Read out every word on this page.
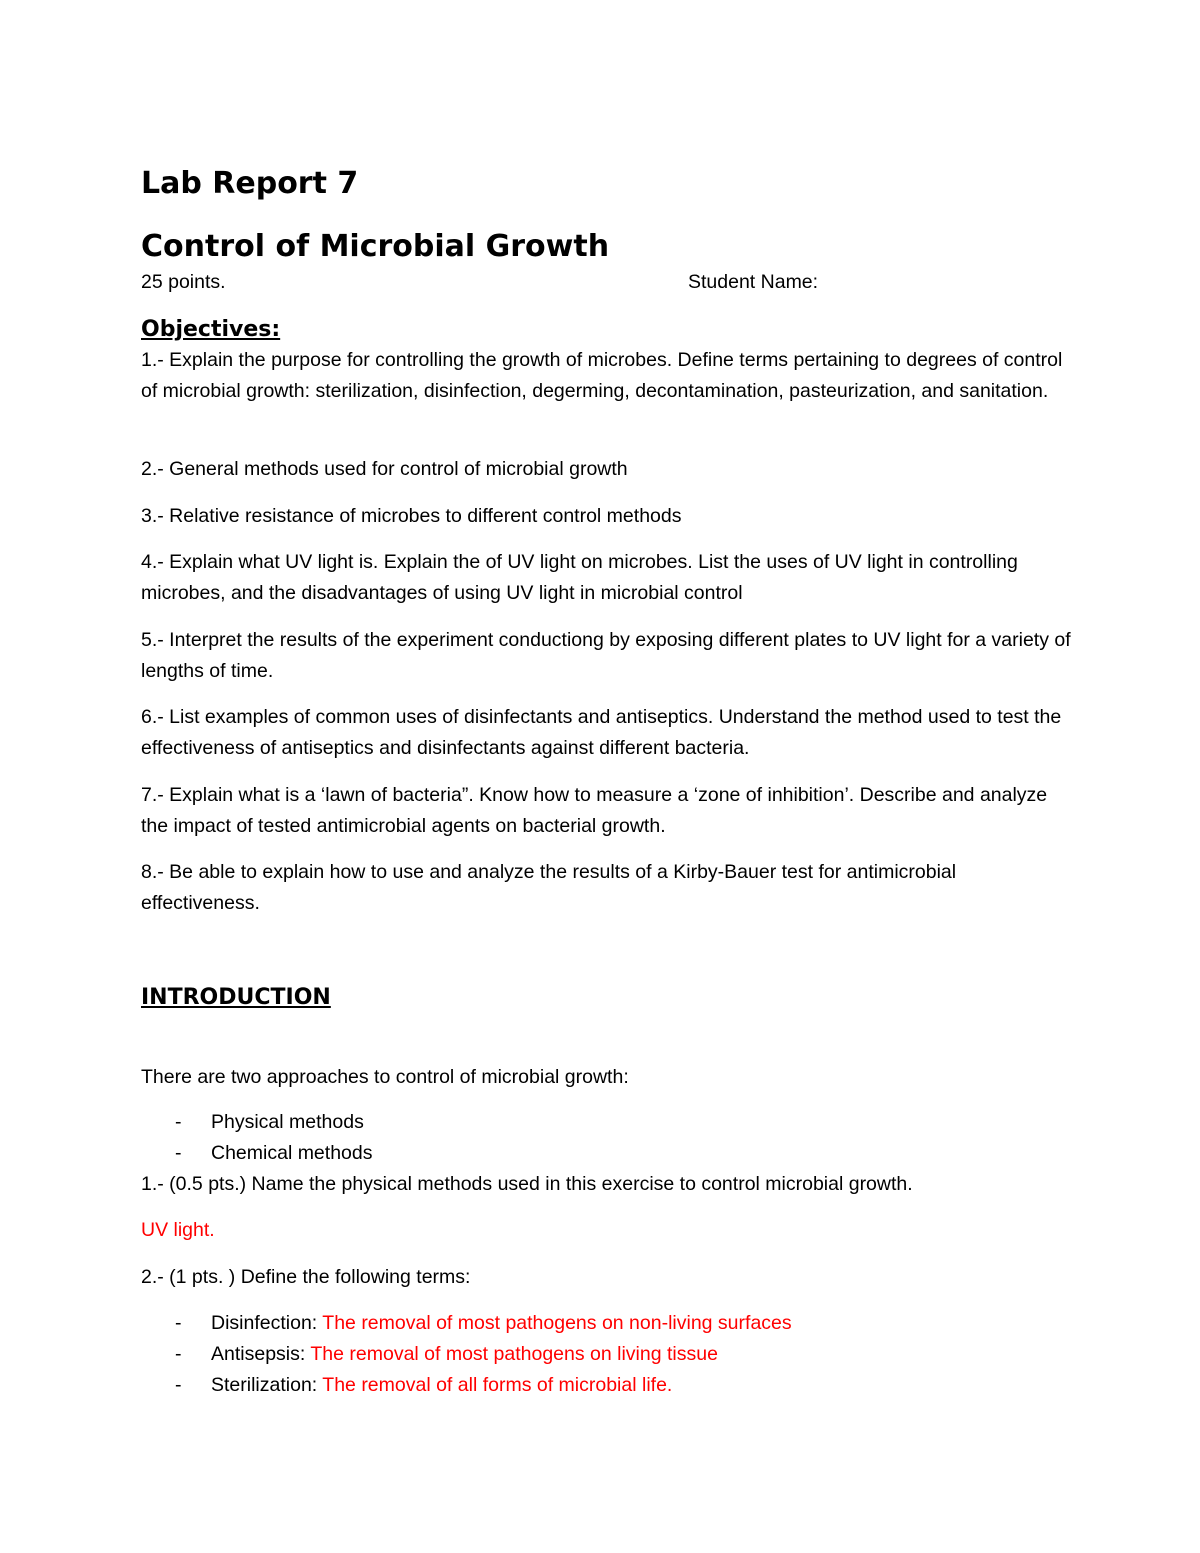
Lab Report 7
Control of Microbial Growth
25 points.	Student Name:
Objectives:
1.- Explain the purpose for controlling the growth of microbes. Define terms pertaining to degrees of control of microbial growth: sterilization, disinfection, degerming, decontamination, pasteurization, and sanitation.
2.- General methods used for control of microbial growth
3.- Relative resistance of microbes to different control methods
4.- Explain what UV light is. Explain the of UV light on microbes. List the uses of UV light in controlling microbes, and the disadvantages of using UV light in microbial control
5.- Interpret the results of the experiment conductiong by exposing different plates to UV light for a variety of lengths of time.
6.- List examples of common uses of disinfectants and antiseptics. Understand the method used to test the effectiveness of antiseptics and disinfectants against different bacteria.
7.- Explain what is a ‘lawn of bacteria”. Know how to measure a ‘zone of inhibition’. Describe and analyze the impact of tested antimicrobial agents on bacterial growth.
8.- Be able to explain how to use and analyze the results of a Kirby-Bauer test for antimicrobial effectiveness.
INTRODUCTION
There are two approaches to control of microbial growth:
- Physical methods
- Chemical methods
1.- (0.5 pts.) Name the physical methods used in this exercise to control microbial growth.
UV light.
2.- (1 pts. ) Define the following terms:
- Disinfection: The removal of most pathogens on non-living surfaces
- Antisepsis: The removal of most pathogens on living tissue
- Sterilization: The removal of all forms of microbial life.
